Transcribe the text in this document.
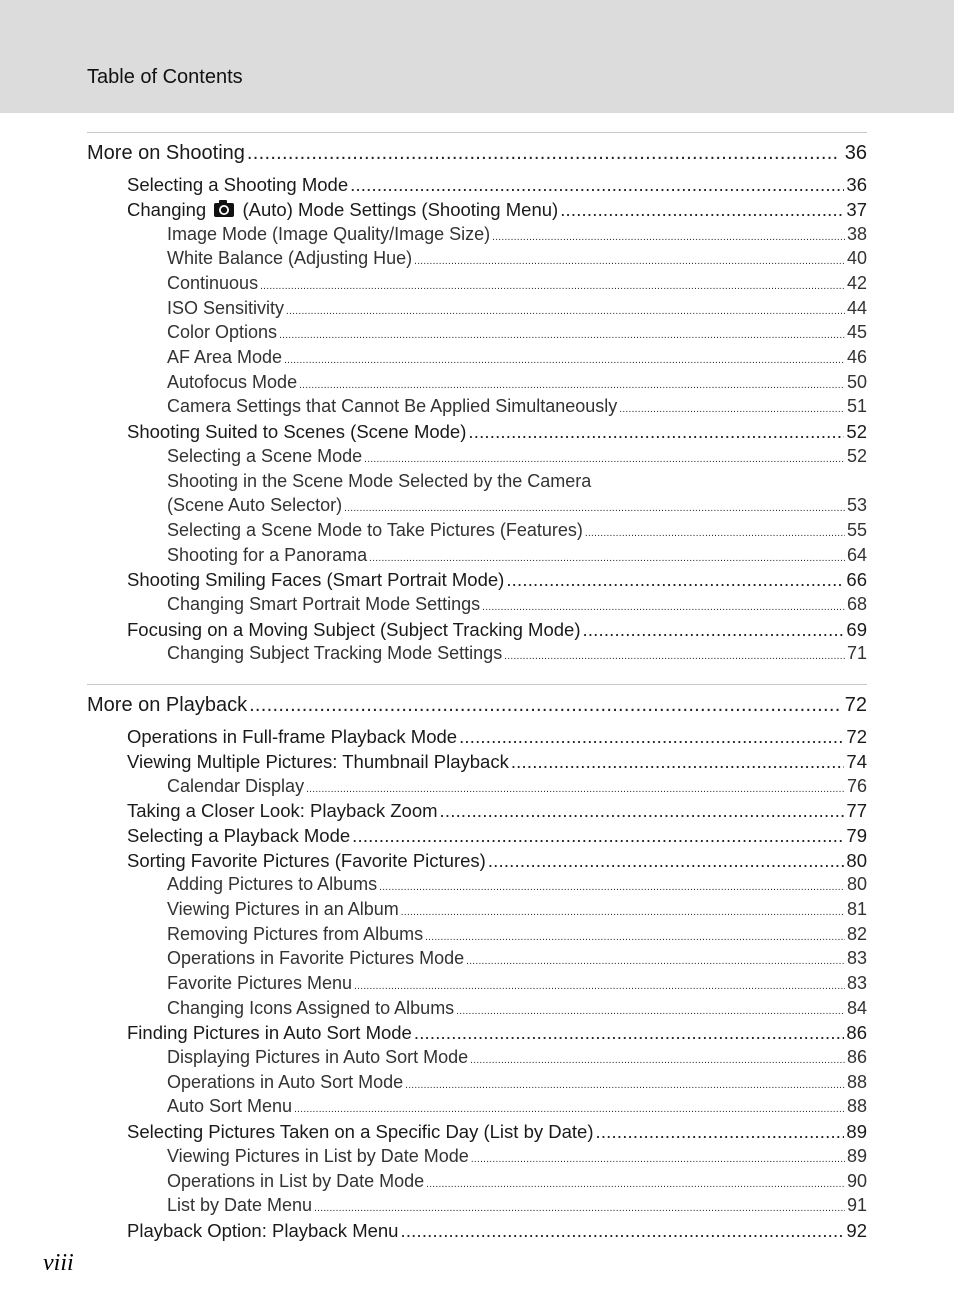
Table of Contents
More on Shooting .....	36
Selecting a Shooting Mode .....	36
Changing (Auto) Mode Settings (Shooting Menu) .....	37
Image Mode (Image Quality/Image Size) .....	38
White Balance (Adjusting Hue) .....	40
Continuous .....	42
ISO Sensitivity .....	44
Color Options .....	45
AF Area Mode .....	46
Autofocus Mode .....	50
Camera Settings that Cannot Be Applied Simultaneously .....	51
Shooting Suited to Scenes (Scene Mode) .....	52
Selecting a Scene Mode .....	52
Shooting in the Scene Mode Selected by the Camera
(Scene Auto Selector) .....	53
Selecting a Scene Mode to Take Pictures (Features) .....	55
Shooting for a Panorama .....	64
Shooting Smiling Faces (Smart Portrait Mode) .....	66
Changing Smart Portrait Mode Settings .....	68
Focusing on a Moving Subject (Subject Tracking Mode) .....	69
Changing Subject Tracking Mode Settings .....	71
More on Playback .....	72
Operations in Full-frame Playback Mode .....	72
Viewing Multiple Pictures: Thumbnail Playback .....	74
Calendar Display .....	76
Taking a Closer Look: Playback Zoom .....	77
Selecting a Playback Mode .....	79
Sorting Favorite Pictures (Favorite Pictures) .....	80
Adding Pictures to Albums .....	80
Viewing Pictures in an Album .....	81
Removing Pictures from Albums .....	82
Operations in Favorite Pictures Mode .....	83
Favorite Pictures Menu .....	83
Changing Icons Assigned to Albums .....	84
Finding Pictures in Auto Sort Mode .....	86
Displaying Pictures in Auto Sort Mode .....	86
Operations in Auto Sort Mode .....	88
Auto Sort Menu .....	88
Selecting Pictures Taken on a Specific Day (List by Date) .....	89
Viewing Pictures in List by Date Mode .....	89
Operations in List by Date Mode .....	90
List by Date Menu .....	91
Playback Option: Playback Menu .....	92
viii
